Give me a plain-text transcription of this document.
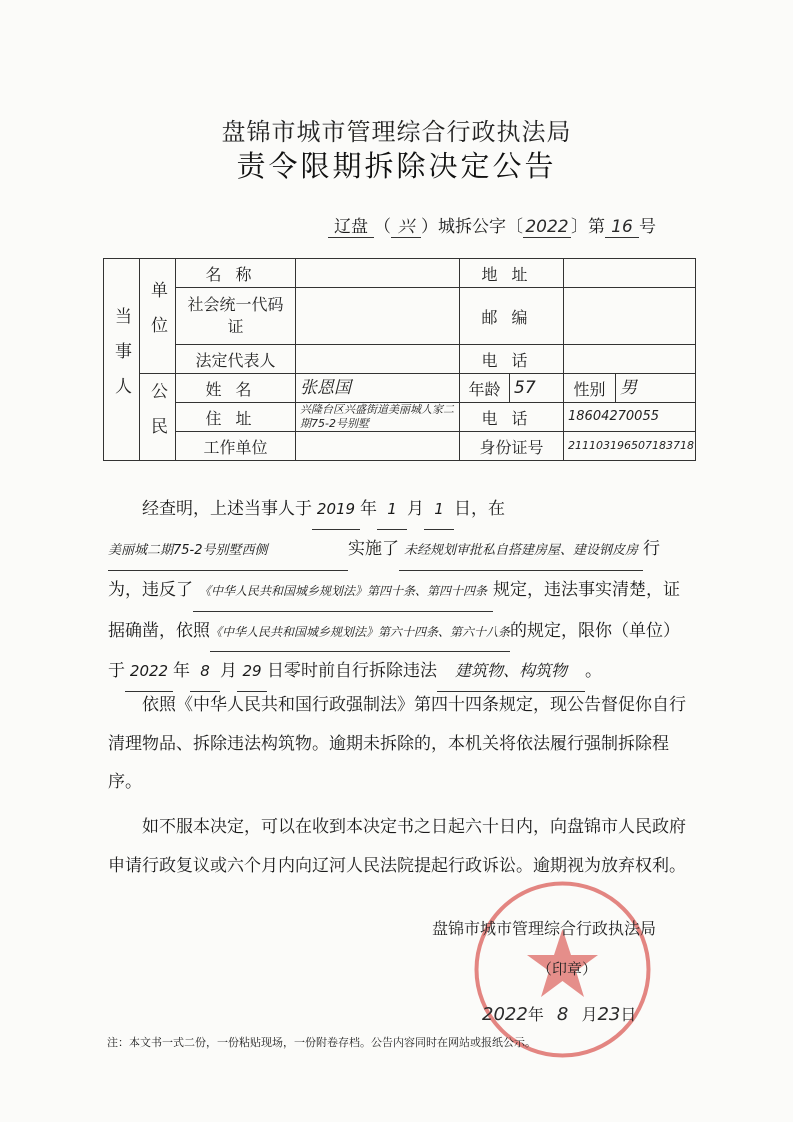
盘锦市城市管理综合行政执法局
责令限期拆除决定公告
辽盘 （ 兴 ）城拆公字〔 2022 〕第 16 号
当事人	单位	名称		地址			
		社会统一代码证		邮编			
		法定代表人		电话			
	公民	姓名	张恩国	年龄	57	性别	男
		住址	兴隆台区兴盛街道美丽城人家二期75-2号别墅	电话		18604270055	
		工作单位		身份证号		211103196507183718	

经查明，上述当事人于 2019 年 1 月 1 日，在美丽城二期75-2号别墅西侧	实施了 未经规划审批私自搭建房屋、建设钢皮房 行为，违反了 《中华人民共和国城乡规划法》第四十条、第四十四条 规定，违法事实清楚，证据确凿，依照《中华人民共和国城乡规划法》第六十四条、第六十八条的规定，限你（单位）于 2022 年 8 月 29 日零时前自行拆除违法 建筑物、构筑物 。

依照《中华人民共和国行政强制法》第四十四条规定，现公告督促你自行清理物品、拆除违法构筑物。逾期未拆除的，本机关将依法履行强制拆除程序。

如不服本决定，可以在收到本决定书之日起六十日内，向盘锦市人民政府申请行政复议或六个月内向辽河人民法院提起行政诉讼。逾期视为放弃权利。

盘锦市城市管理综合行政执法局
（印章）
2022年 8 月23日
注：本文书一式二份，一份粘贴现场，一份附卷存档。公告内容同时在网站或报纸公示。
